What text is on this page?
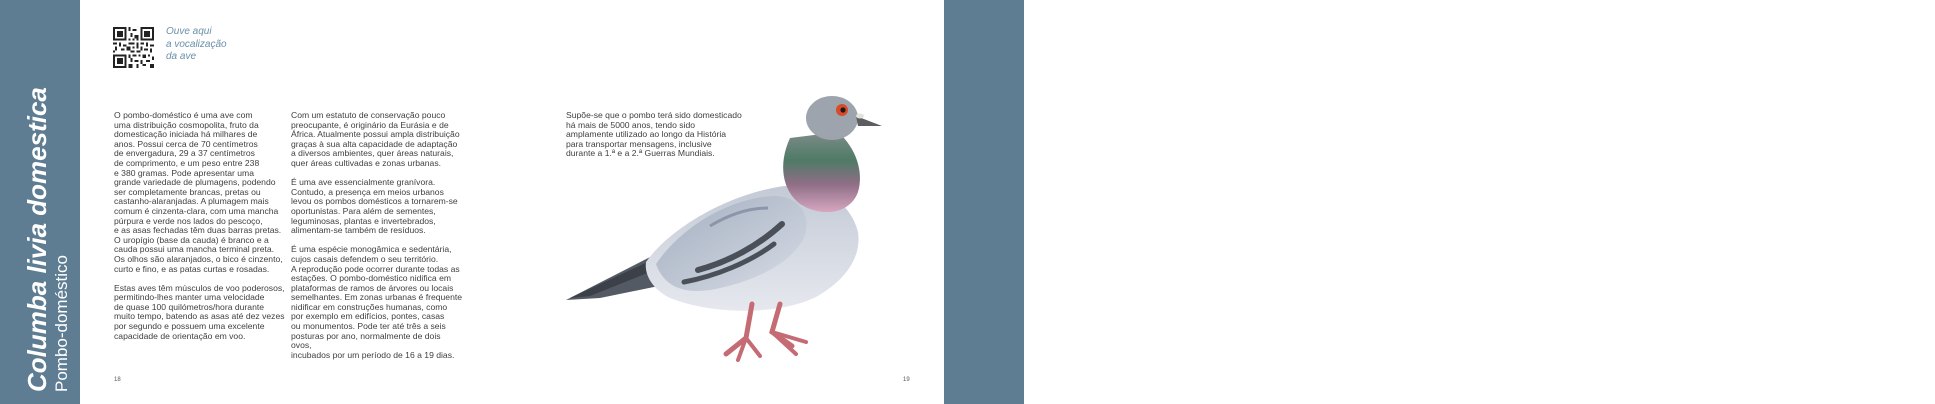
Columba livia domestica Pombo-doméstico
Ouve aqui
a vocalização
da ave

O pombo-doméstico é uma ave com
uma distribuição cosmopolita, fruto da
domesticação iniciada há milhares de
anos. Possui cerca de 70 centímetros
de envergadura, 29 a 37 centímetros
de comprimento, e um peso entre 238
e 380 gramas. Pode apresentar uma
grande variedade de plumagens, podendo
ser completamente brancas, pretas ou
castanho-alaranjadas. A plumagem mais
comum é cinzenta-clara, com uma mancha
púrpura e verde nos lados do pescoço,
e as asas fechadas têm duas barras pretas.
O uropígio (base da cauda) é branco e a
cauda possui uma mancha terminal preta.
Os olhos são alaranjados, o bico é cinzento,
curto e fino, e as patas curtas e rosadas.

Estas aves têm músculos de voo poderosos,
permitindo-lhes manter uma velocidade
de quase 100 quilómetros/hora durante
muito tempo, batendo as asas até dez vezes
por segundo e possuem uma excelente
capacidade de orientação em voo.

Com um estatuto de conservação pouco
preocupante, é originário da Eurásia e de
África. Atualmente possui ampla distribuição
graças à sua alta capacidade de adaptação
a diversos ambientes, quer áreas naturais,
quer áreas cultivadas e zonas urbanas.

É uma ave essencialmente granívora.
Contudo, a presença em meios urbanos
levou os pombos domésticos a tornarem-se
oportunistas. Para além de sementes,
leguminosas, plantas e invertebrados,
alimentam-se também de resíduos.

É uma espécie monogâmica e sedentária,
cujos casais defendem o seu território.
A reprodução pode ocorrer durante todas as
estações. O pombo-doméstico nidifica em
plataformas de ramos de árvores ou locais
semelhantes. Em zonas urbanas é frequente
nidificar em construções humanas, como
por exemplo em edifícios, pontes, casas
ou monumentos. Pode ter até três a seis
posturas por ano, normalmente de dois ovos,
incubados por um período de 16 a 19 dias.

Supõe-se que o pombo terá sido domesticado
há mais de 5000 anos, tendo sido
amplamente utilizado ao longo da História
para transportar mensagens, inclusive
durante a 1.ª e a 2.ª Guerras Mundiais.

18	19
Espécie Columba livia domestica
Ordem Columbiformes
Família Columbidae
Género Columba
Reino Animal
Filo Chordata
Classe Aves
